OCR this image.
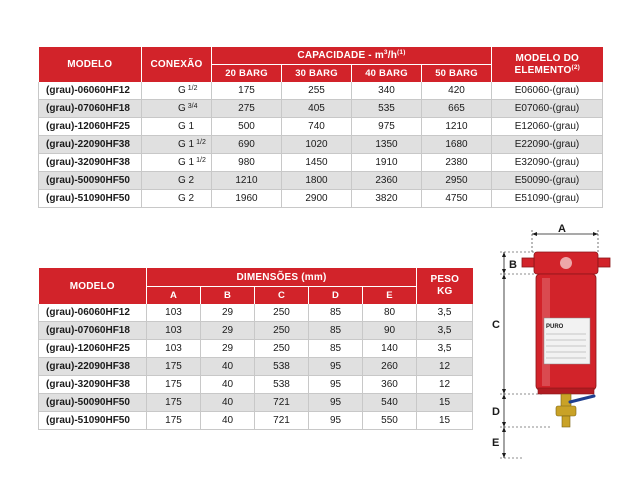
MODELO	CONEXÃO	CAPACIDADE - $m^3/h^{(1)}$				MODELO DO
ELEMENTO$^{(2)}$
		20 BARG	30 BARG	40 BARG	50 BARG	
(grau)-06060HF12	G $^{1/2}$	175	255	340	420	E06060-(grau)
(grau)-07060HF18	G $^{3/4}$	275	405	535	665	E07060-(grau)
(grau)-12060HF25	G 1	500	740	975	1210	E12060-(grau)
(grau)-22090HF38	G 1 $^{1/2}$	690	1020	1350	1680	E22090-(grau)
(grau)-32090HF38	G 1 $^{1/2}$	980	1450	1910	2380	E32090-(grau)
(grau)-50090HF50	G 2	1210	1800	2360	2950	E50090-(grau)
(grau)-51090HF50	G 2	1960	2900	3820	4750	E51090-(grau)
MODELO	DIMENSÕES (mm)					PESO
KG
	A	B	C	D	E	
(grau)-06060HF12	103	29	250	85	80	3,5
(grau)-07060HF18	103	29	250	85	90	3,5
(grau)-12060HF25	103	29	250	85	140	3,5
(grau)-22090HF38	175	40	538	95	260	12
(grau)-32090HF38	175	40	538	95	360	12
(grau)-50090HF50	175	40	721	95	540	15
(grau)-51090HF50	175	40	721	95	550	15
A
B
C
D
E
PURO
